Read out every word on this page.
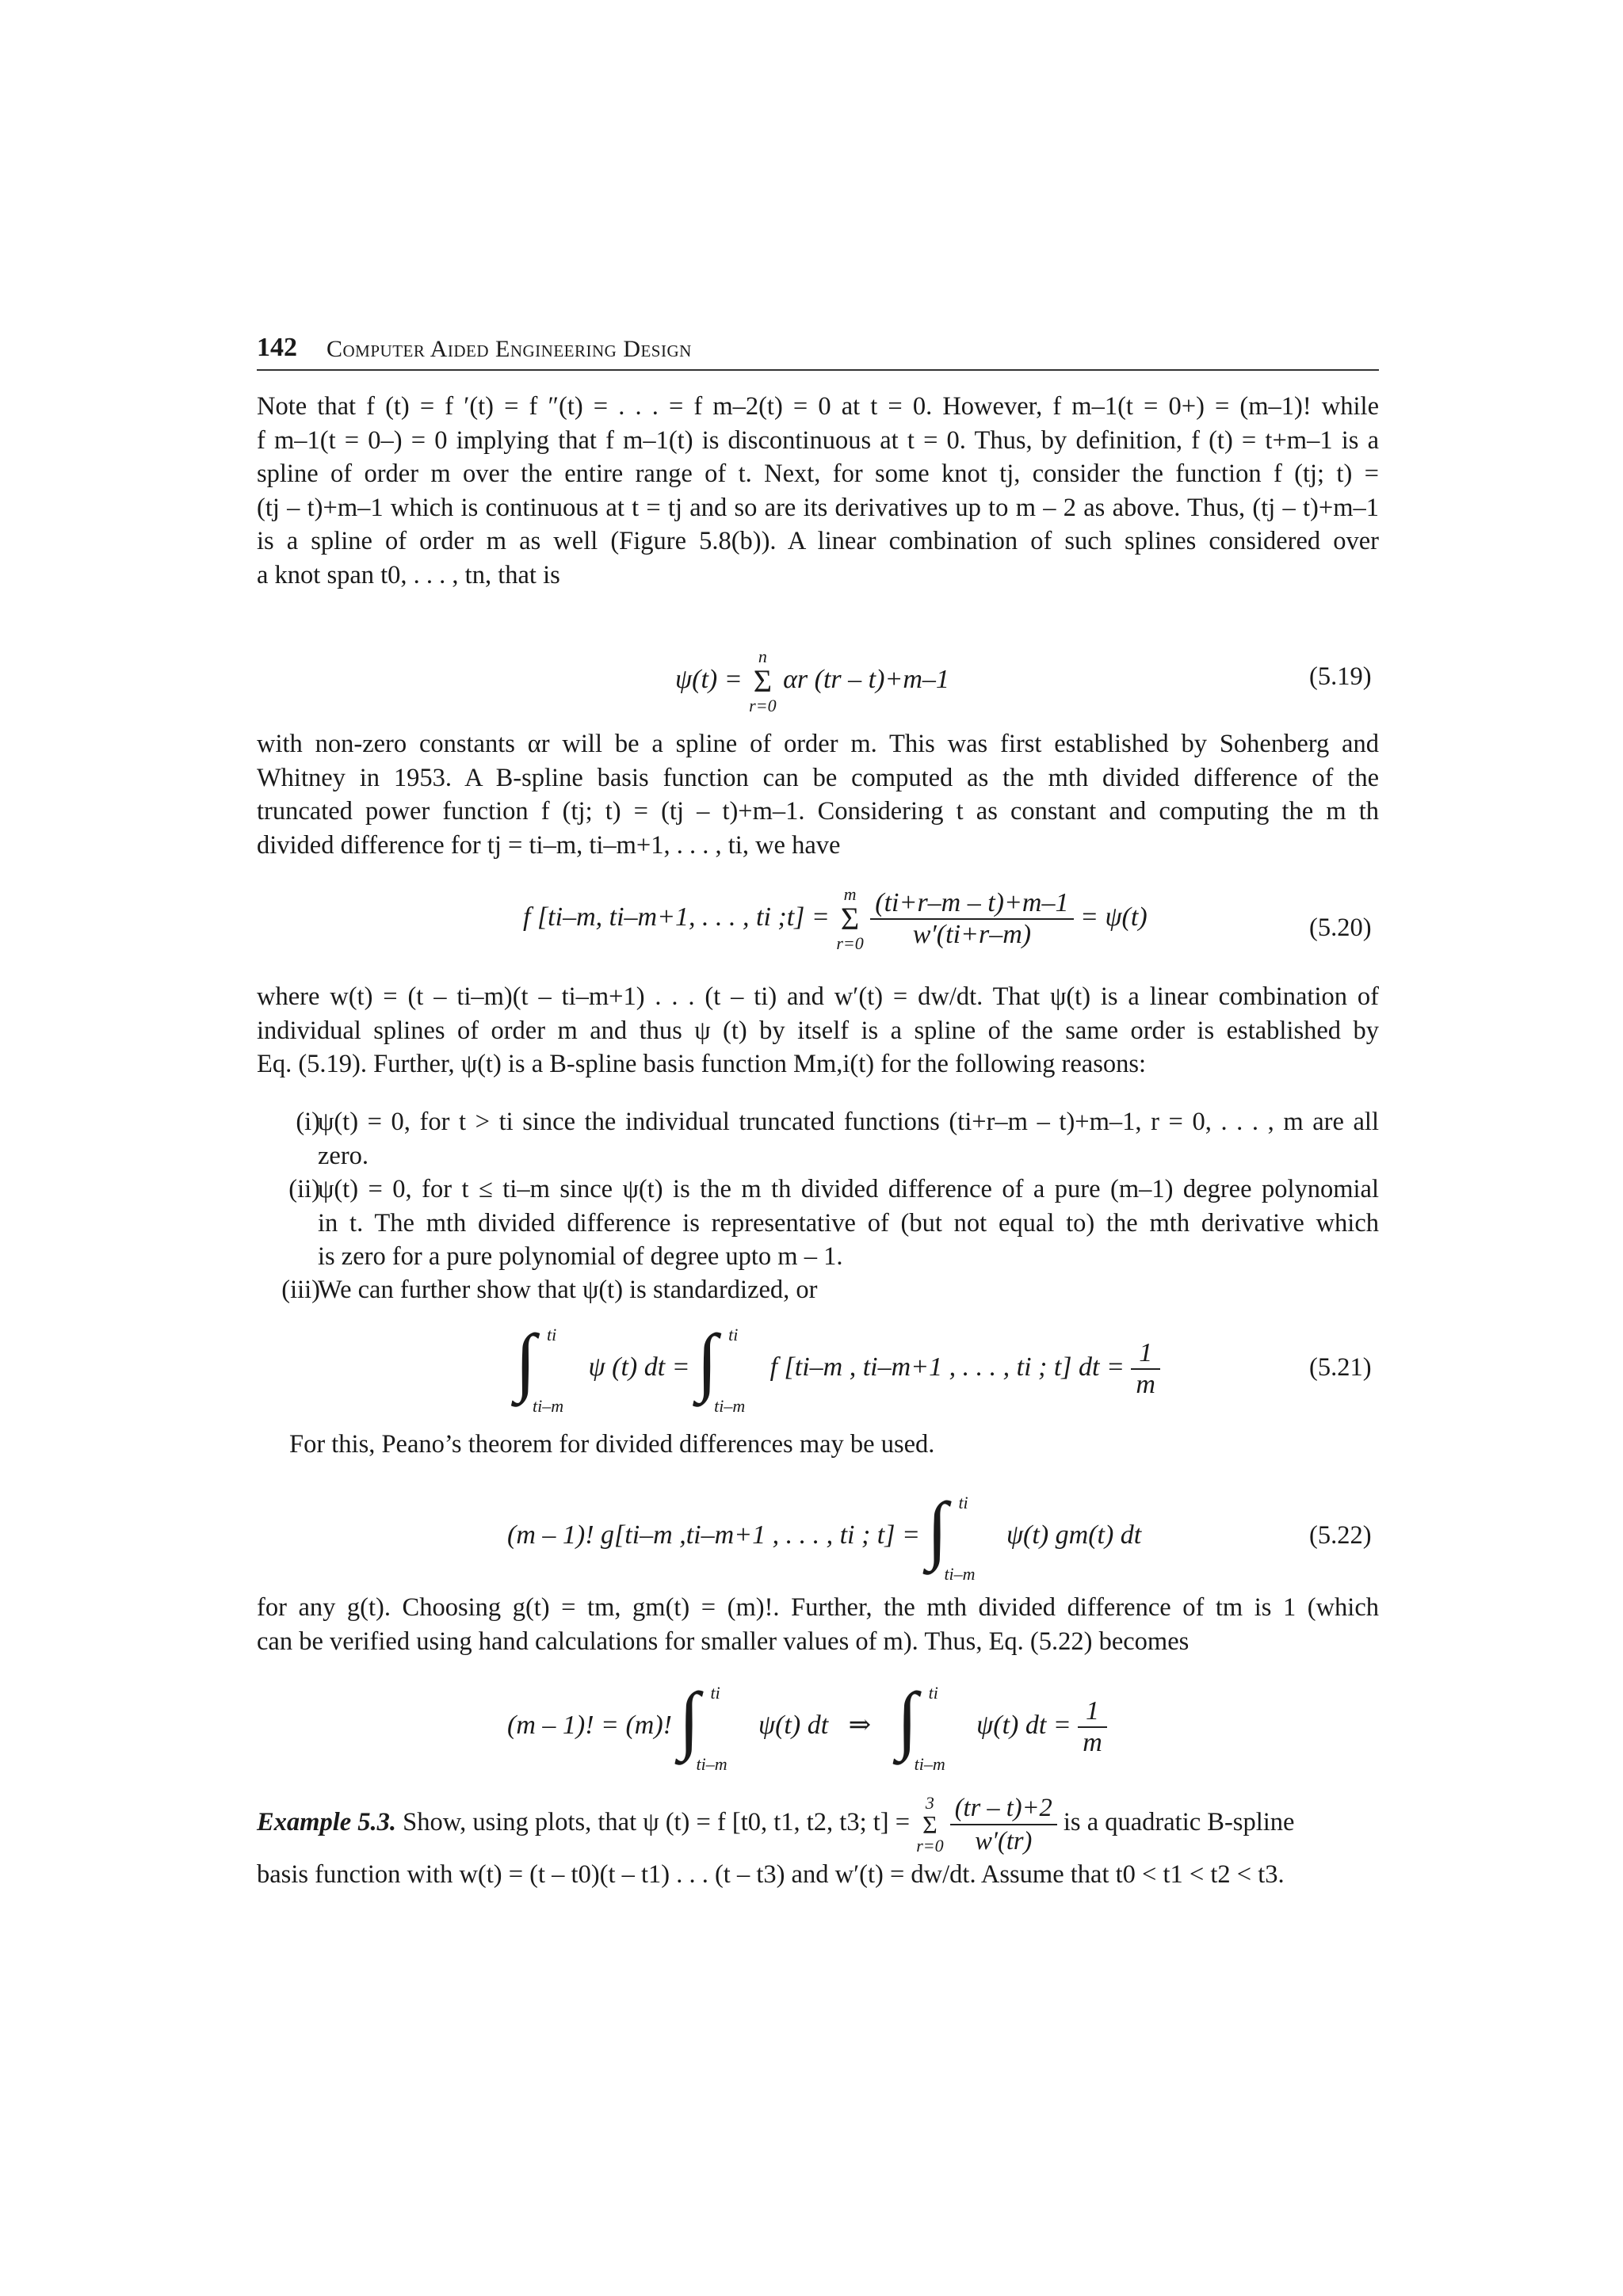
142 Computer Aided Engineering Design
Note that f (t) = f ′(t) = f ″(t) = . . . = f m–2(t) = 0 at t = 0. However, f m–1(t = 0+) = (m–1)! while
f m–1(t = 0–) = 0 implying that f m–1(t) is discontinuous at t = 0. Thus, by definition, f (t) = t+m–1 is a
spline of order m over the entire range of t. Next, for some knot tj, consider the function f (tj; t) =
(tj – t)+m–1 which is continuous at t = tj and so are its derivatives up to m – 2 as above. Thus, (tj – t)+m–1
is a spline of order m as well (Figure 5.8(b)). A linear combination of such splines considered over
a knot span t0, . . . , tn, that is
ψ(t) =
n
Σ
r=0
αr (tr – t)+m–1	(5.19)
with non-zero constants αr will be a spline of order m. This was first established by Sohenberg and
Whitney in 1953. A B-spline basis function can be computed as the mth divided difference of the
truncated power function f (tj; t) = (tj – t)+m–1. Considering t as constant and computing the m th
divided difference for tj = ti–m, ti–m+1, . . . , ti, we have
f [ti–m, ti–m+1, . . . , ti ;t] =
m
Σ
r=0
$\frac{(ti+r-m - t)+m-1}{w'(ti+r-m)} = \psi(t)$	(5.20)
where w(t) = (t – ti–m)(t – ti–m+1) . . . (t – ti) and w′(t) = dw/dt. That ψ(t) is a linear combination of
individual splines of order m and thus ψ (t) by itself is a spline of the same order is established by
Eq. (5.19). Further, ψ(t) is a B-spline basis function Mm,i(t) for the following reasons:
(i)
ψ(t) = 0, for t > ti since the individual truncated functions (ti+r–m – t)+m–1, r = 0, . . . , m are all
zero.
(ii)
ψ(t) = 0, for t ≤ ti–m since ψ(t) is the m th divided difference of a pure (m–1) degree polynomial
in t. The mth divided difference is representative of (but not equal to) the mth derivative which
is zero for a pure polynomial of degree upto m – 1.
(iii)
We can further show that ψ(t) is standardized, or
∫ ti
ti–m
ψ (t) dt = ∫ ti
ti–m
f [ti–m , ti–m+1 , . . . , ti ; t] dt = $\frac{1}{m}$	(5.21)
For this, Peano’s theorem for divided differences may be used.
(m – 1)! g[ti–m ,ti–m+1 , . . . , ti ; t] = ∫ ti
ti–m
ψ(t) gm(t) dt	(5.22)
for any g(t). Choosing g(t) = tm, gm(t) = (m)!. Further, the mth divided difference of tm is 1 (which
can be verified using hand calculations for smaller values of m). Thus, Eq. (5.22) becomes
(m – 1)! = (m)! ∫ ti
ti–m
ψ(t) dt   ⇒ ∫ ti
ti–m
ψ(t) dt = $\frac{1}{m}$
Example 5.3. Show, using plots, that ψ (t) = f [t0, t1, t2, t3; t] =
3
Σ
r=0
$\frac{(tr - t)+2}{w'(tr)}$ is a quadratic B-spline
basis function with w(t) = (t – t0)(t – t1) . . . (t – t3) and w′(t) = dw/dt. Assume that t0 < t1 < t2 < t3.
